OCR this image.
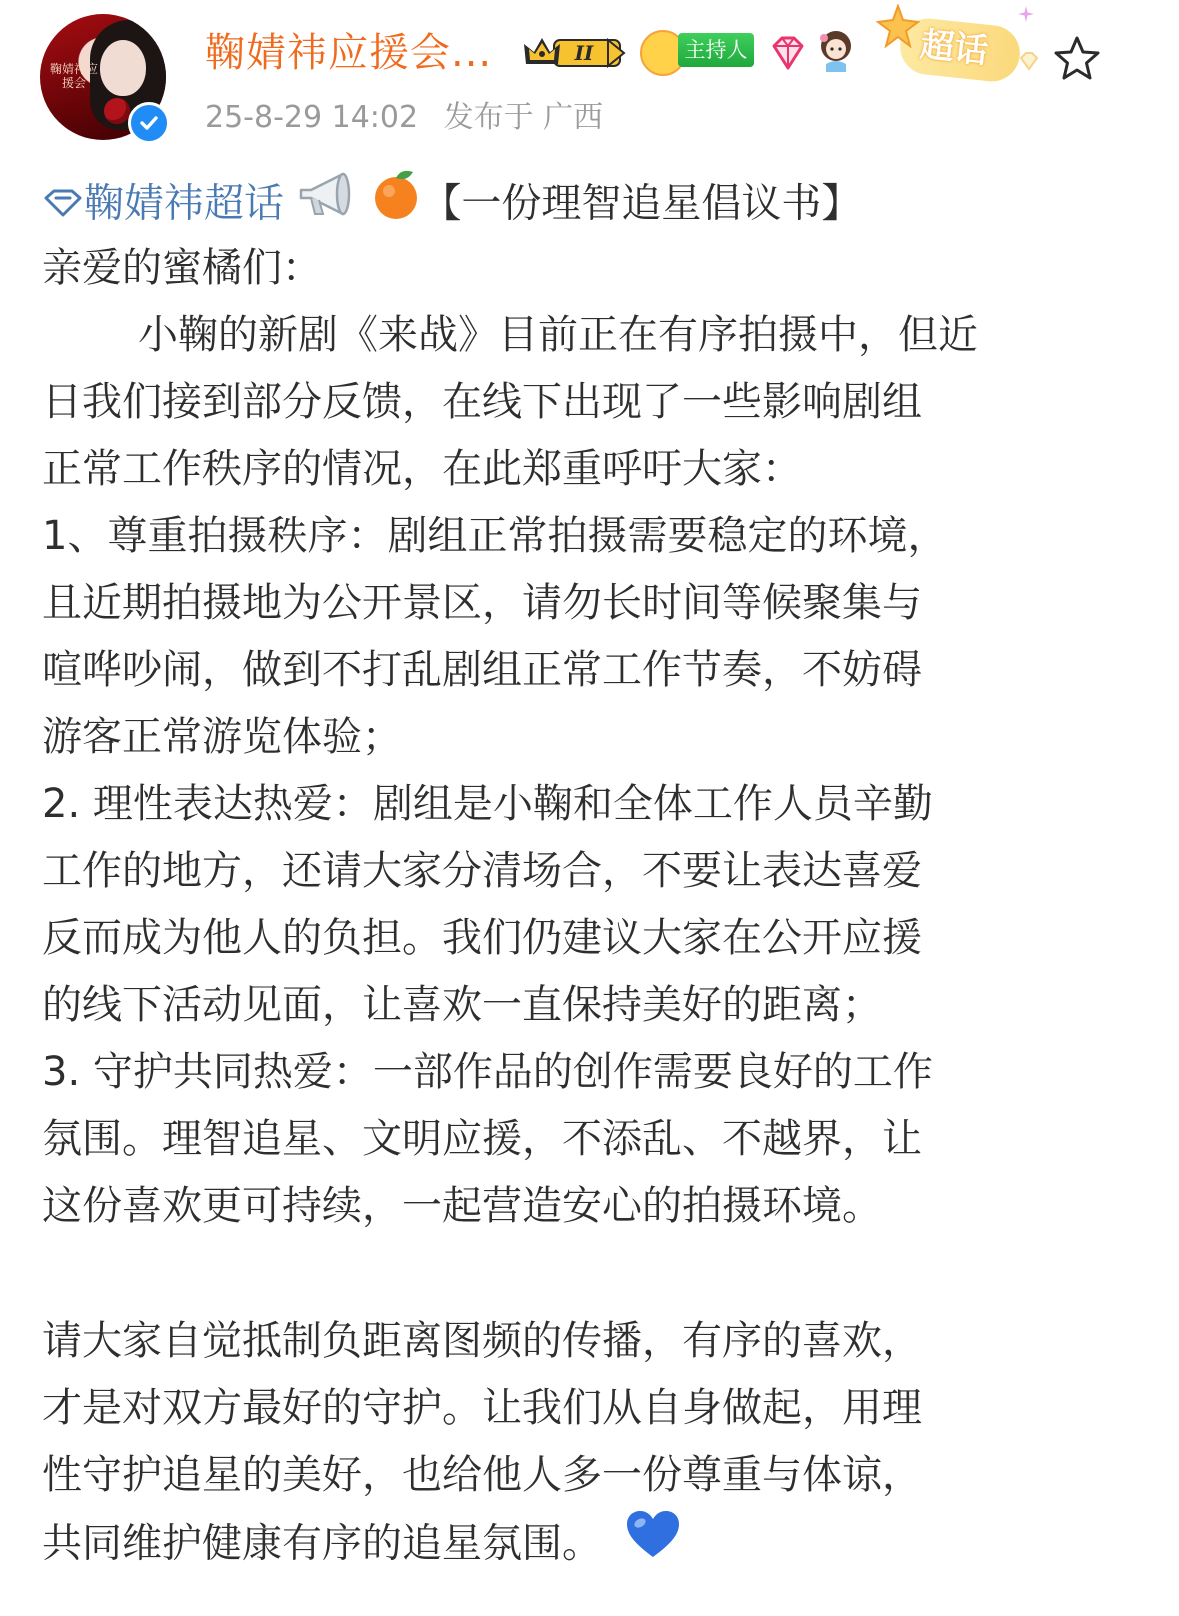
鞠婧祎应援会
鞠婧祎应援会...	II	主持人	超话
25-8-29 14:02 发布于 广西
鞠婧祎超话	【一份理智追星倡议书】
亲爱的蜜橘们：
小鞠的新剧《来战》目前正在有序拍摄中，但近
日我们接到部分反馈，在线下出现了一些影响剧组
正常工作秩序的情况，在此郑重呼吁大家：
1、尊重拍摄秩序：剧组正常拍摄需要稳定的环境，
且近期拍摄地为公开景区，请勿长时间等候聚集与
喧哗吵闹，做到不打乱剧组正常工作节奏，不妨碍
游客正常游览体验；
2. 理性表达热爱：剧组是小鞠和全体工作人员辛勤
工作的地方，还请大家分清场合，不要让表达喜爱
反而成为他人的负担。我们仍建议大家在公开应援
的线下活动见面，让喜欢一直保持美好的距离；
3. 守护共同热爱：一部作品的创作需要良好的工作
氛围。理智追星、文明应援，不添乱、不越界，让
这份喜欢更可持续，一起营造安心的拍摄环境。
请大家自觉抵制负距离图频的传播，有序的喜欢，
才是对双方最好的守护。让我们从自身做起，用理
性守护追星的美好，也给他人多一份尊重与体谅，
共同维护健康有序的追星氛围。
